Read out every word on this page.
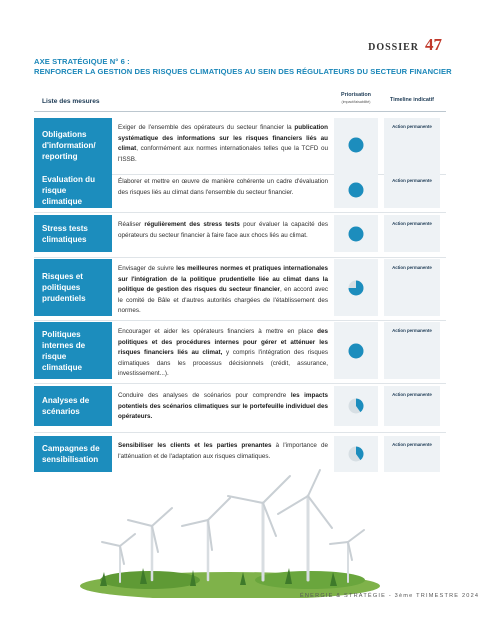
DOSSIER 47
AXE STRATÉGIQUE N° 6 :
RENFORCER LA GESTION DES RISQUES CLIMATIQUES AU SEIN DES RÉGULATEURS DU SECTEUR FINANCIER
Liste des mesures
Priorisation
(impact/faisabilité)	Timeline indicatif
Obligations d'information/ reporting
Exiger de l'ensemble des opérateurs du secteur financier la publication systématique des informations sur les risques financiers liés au climat, conformément aux normes internationales telles que la TCFD ou l'ISSB.
Action permanente
Evaluation du risque climatique
Élaborer et mettre en œuvre de manière cohérente un cadre d'évaluation des risques liés au climat dans l'ensemble du secteur financier.
Action permanente
Stress tests climatiques
Réaliser régulièrement des stress tests pour évaluer la capacité des opérateurs du secteur financier à faire face aux chocs liés au climat.
Action permanente
Risques et politiques prudentiels
Envisager de suivre les meilleures normes et pratiques internationales sur l'intégration de la politique prudentielle liée au climat dans la politique de gestion des risques du secteur financier, en accord avec le comité de Bâle et d'autres autorités chargées de l'établissement des normes.
Action permanente
Politiques internes de risque climatique
Encourager et aider les opérateurs financiers à mettre en place des politiques et des procédures internes pour gérer et atténuer les risques financiers liés au climat, y compris l'intégration des risques climatiques dans les processus décisionnels (crédit, assurance, investissement...).
Action permanente
Analyses de scénarios
Conduire des analyses de scénarios pour comprendre les impacts potentiels des scénarios climatiques sur le portefeuille individuel des opérateurs.
Action permanente
Campagnes de sensibilisation
Sensibiliser les clients et les parties prenantes à l'importance de l'atténuation et de l'adaptation aux risques climatiques.
Action permanente
ÉNERGIE & STRATÉGIE - 3ème TRIMESTRE 2024
